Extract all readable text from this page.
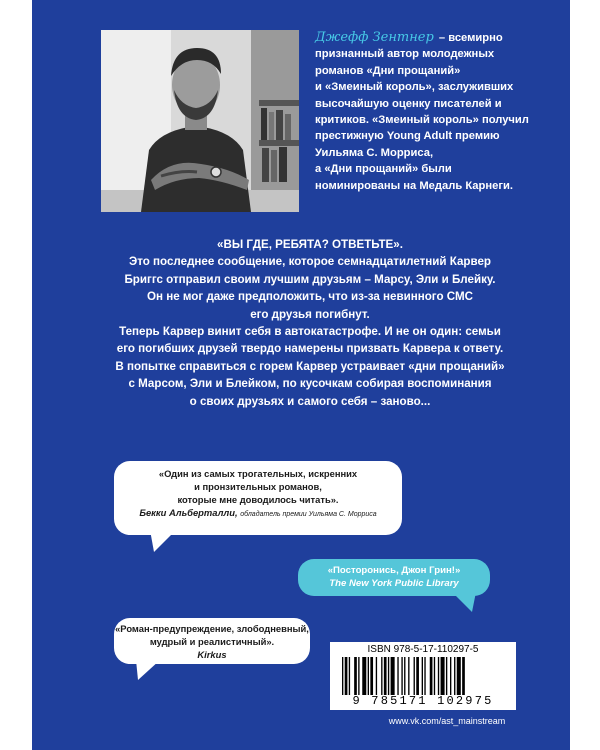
Джефф Зентнер – всемирно
признанный автор молодежных
романов «Дни прощаний»
и «Змеиный король», заслуживших
высочайшую оценку писателей и
критиков. «Змеиный король» получил
престижную Young Adult премию
Уильяма С. Морриса,
а «Дни прощаний» были
номинированы на Медаль Карнеги.

«ВЫ ГДЕ, РЕБЯТА? ОТВЕТЬТЕ».

Это последнее сообщение, которое семнадцатилетний Карвер

Бриггс отправил своим лучшим друзьям – Марсу, Эли и Блейку.

Он не мог даже предположить, что из-за невинного СМС

его друзья погибнут.

Теперь Карвер винит себя в автокатастрофе. И не он один: семьи

его погибших друзей твердо намерены призвать Карвера к ответу.

В попытке справиться с горем Карвер устраивает «дни прощаний»

с Марсом, Эли и Блейком, по кусочкам собирая воспоминания

о своих друзьях и самого себя – заново...

«Один из самых трогательных, искренних
и пронзительных романов,
которые мне доводилось читать».
Бекки Альберталли, обладатель премии Уильяма С. Морриса
«Посторонись, Джон Грин!»
The New York Public Library
«Роман-предупреждение, злободневный,
мудрый и реалистичный».
Kirkus	ISBN 978-5-17-110297-5
9 785171 102975
www.vk.com/ast_mainstream
